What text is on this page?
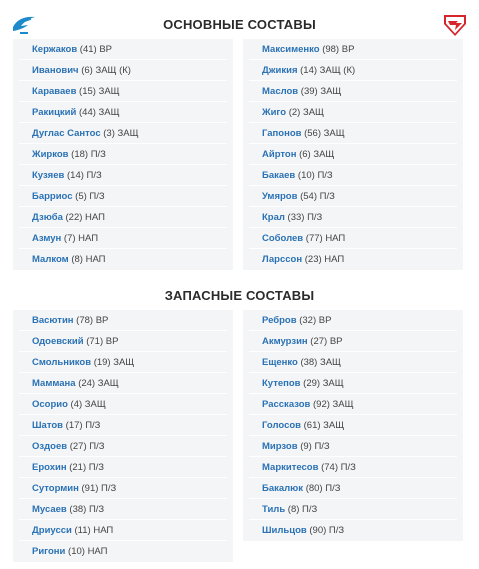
ОСНОВНЫЕ СОСТАВЫ
Кержаков (41) ВР
Иванович (6) ЗАЩ (К)
Караваев (15) ЗАЩ
Ракицкий (44) ЗАЩ
Дуглас Сантос (3) ЗАЩ
Жирков (18) П/З
Кузяев (14) П/З
Барриос (5) П/З
Дзюба (22) НАП
Азмун (7) НАП
Малком (8) НАП
Максименко (98) ВР
Джикия (14) ЗАЩ (К)
Маслов (39) ЗАЩ
Жиго (2) ЗАЩ
Гапонов (56) ЗАЩ
Айртон (6) ЗАЩ
Бакаев (10) П/З
Умяров (54) П/З
Крал (33) П/З
Соболев (77) НАП
Ларссон (23) НАП
ЗАПАСНЫЕ СОСТАВЫ
Васютин (78) ВР
Одоевский (71) ВР
Смольников (19) ЗАЩ
Маммана (24) ЗАЩ
Осорио (4) ЗАЩ
Шатов (17) П/З
Оздоев (27) П/З
Ерохин (21) П/З
Сутормин (91) П/З
Мусаев (38) П/З
Дриусси (11) НАП
Ригони (10) НАП
Ребров (32) ВР
Акмурзин (27) ВР
Ещенко (38) ЗАЩ
Кутепов (29) ЗАЩ
Рассказов (92) ЗАЩ
Голосов (61) ЗАЩ
Мирзов (9) П/З
Маркитесов (74) П/З
Бакалюк (80) П/З
Тиль (8) П/З
Шильцов (90) П/З
